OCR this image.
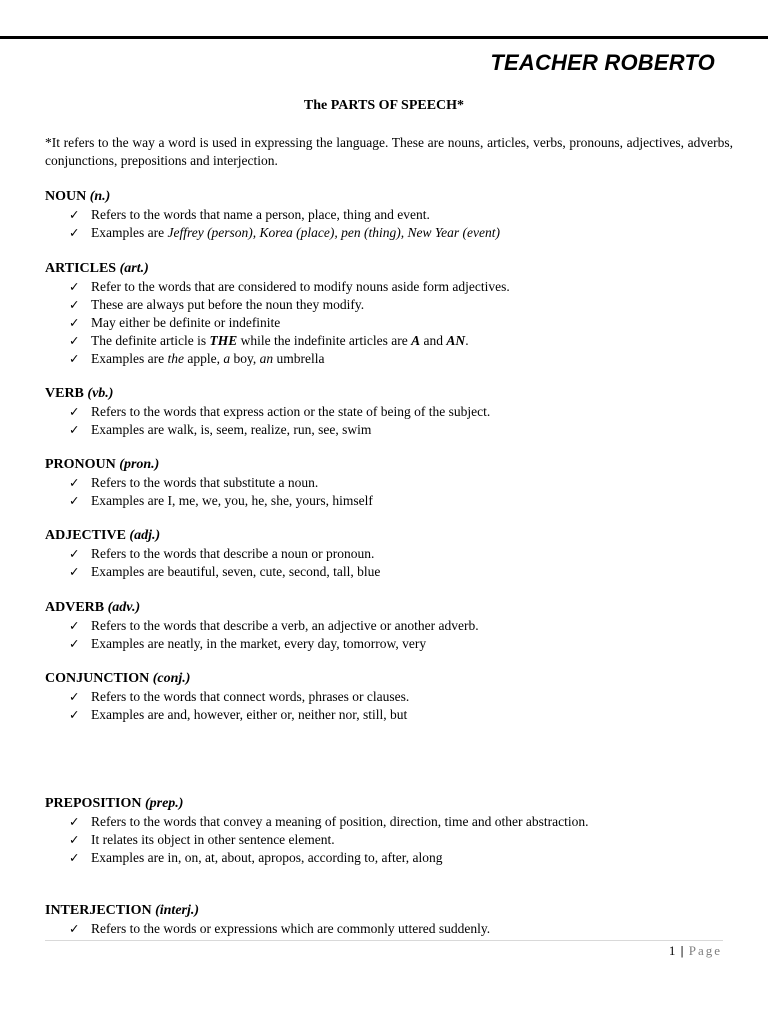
TEACHER ROBERTO
The PARTS OF SPEECH*
*It refers to the way a word is used in expressing the language. These are nouns, articles, verbs, pronouns, adjectives, adverbs, conjunctions, prepositions and interjection.
NOUN (n.)
✓ Refers to the words that name a person, place, thing and event.
✓ Examples are Jeffrey (person), Korea (place), pen (thing), New Year (event)
ARTICLES (art.)
✓ Refer to the words that are considered to modify nouns aside form adjectives.
✓ These are always put before the noun they modify.
✓ May either be definite or indefinite
✓ The definite article is THE while the indefinite articles are A and AN.
✓ Examples are the apple, a boy, an umbrella
VERB (vb.)
✓ Refers to the words that express action or the state of being of the subject.
✓ Examples are walk, is, seem, realize, run, see, swim
PRONOUN (pron.)
✓ Refers to the words that substitute a noun.
✓ Examples are I, me, we, you, he, she, yours, himself
ADJECTIVE (adj.)
✓ Refers to the words that describe a noun or pronoun.
✓ Examples are beautiful, seven, cute, second, tall, blue
ADVERB (adv.)
✓ Refers to the words that describe a verb, an adjective or another adverb.
✓ Examples are neatly, in the market, every day, tomorrow, very
CONJUNCTION (conj.)
✓ Refers to the words that connect words, phrases or clauses.
✓ Examples are and, however, either or, neither nor, still, but
PREPOSITION (prep.)
✓ Refers to the words that convey a meaning of position, direction, time and other abstraction.
✓ It relates its object in other sentence element.
✓ Examples are in, on, at, about, apropos, according to, after, along
INTERJECTION (interj.)
✓ Refers to the words or expressions which are commonly uttered suddenly.
1 | Page
